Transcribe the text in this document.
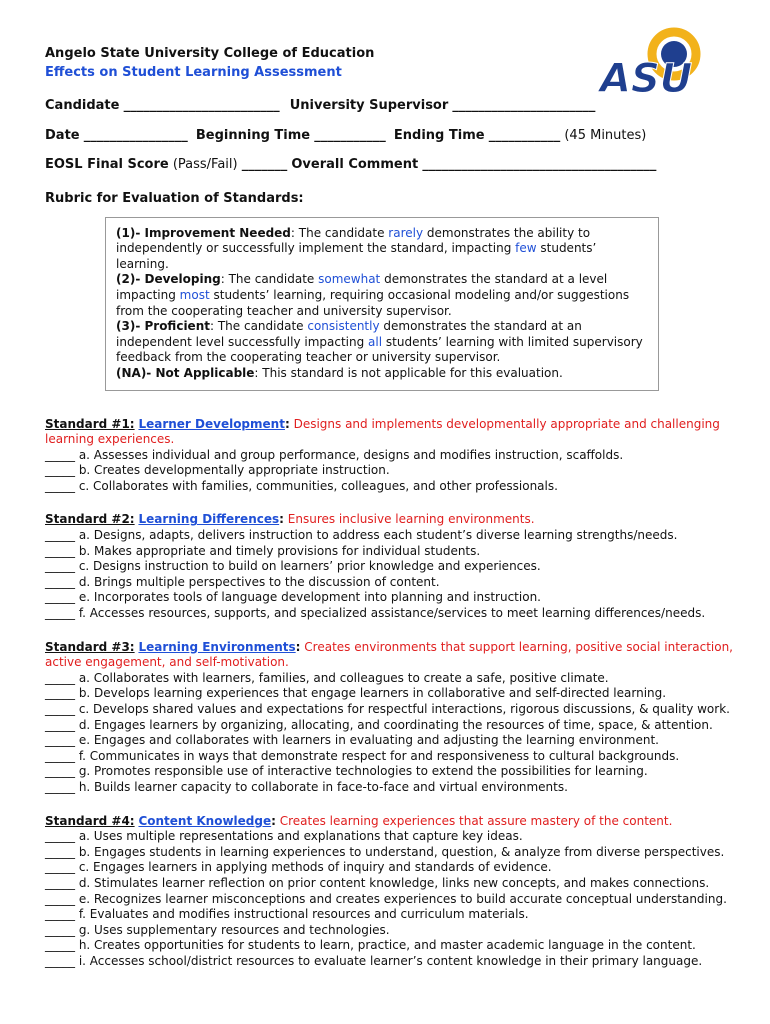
ASU
Angelo State University College of Education
Effects on Student Learning Assessment
Candidate ________________________ University Supervisor ______________________
Date ________________ Beginning Time ___________ Ending Time ___________ (45 Minutes)
EOSL Final Score (Pass/Fail) _______ Overall Comment ____________________________________
Rubric for Evaluation of Standards:
(1)- Improvement Needed: The candidate rarely demonstrates the ability to independently or successfully implement the standard, impacting few students’ learning.
(2)- Developing: The candidate somewhat demonstrates the standard at a level impacting most students’ learning, requiring occasional modeling and/or suggestions from the cooperating teacher and university supervisor.
(3)- Proficient: The candidate consistently demonstrates the standard at an independent level successfully impacting all students’ learning with limited supervisory feedback from the cooperating teacher or university supervisor.
(NA)- Not Applicable: This standard is not applicable for this evaluation.
Standard #1: Learner Development: Designs and implements developmentally appropriate and challenging learning experiences.
_____ a. Assesses individual and group performance, designs and modifies instruction, scaffolds.
_____ b. Creates developmentally appropriate instruction.
_____ c. Collaborates with families, communities, colleagues, and other professionals.
Standard #2: Learning Differences: Ensures inclusive learning environments.
_____ a. Designs, adapts, delivers instruction to address each student’s diverse learning strengths/needs.
_____ b. Makes appropriate and timely provisions for individual students.
_____ c. Designs instruction to build on learners’ prior knowledge and experiences.
_____ d. Brings multiple perspectives to the discussion of content.
_____ e. Incorporates tools of language development into planning and instruction.
_____ f. Accesses resources, supports, and specialized assistance/services to meet learning differences/needs.
Standard #3: Learning Environments: Creates environments that support learning, positive social interaction, active engagement, and self-motivation.
_____ a. Collaborates with learners, families, and colleagues to create a safe, positive climate.
_____ b. Develops learning experiences that engage learners in collaborative and self-directed learning.
_____ c. Develops shared values and expectations for respectful interactions, rigorous discussions, & quality work.
_____ d. Engages learners by organizing, allocating, and coordinating the resources of time, space, & attention.
_____ e. Engages and collaborates with learners in evaluating and adjusting the learning environment.
_____ f. Communicates in ways that demonstrate respect for and responsiveness to cultural backgrounds.
_____ g. Promotes responsible use of interactive technologies to extend the possibilities for learning.
_____ h. Builds learner capacity to collaborate in face-to-face and virtual environments.
Standard #4: Content Knowledge: Creates learning experiences that assure mastery of the content.
_____ a. Uses multiple representations and explanations that capture key ideas.
_____ b. Engages students in learning experiences to understand, question, & analyze from diverse perspectives.
_____ c. Engages learners in applying methods of inquiry and standards of evidence.
_____ d. Stimulates learner reflection on prior content knowledge, links new concepts, and makes connections.
_____ e. Recognizes learner misconceptions and creates experiences to build accurate conceptual understanding.
_____ f. Evaluates and modifies instructional resources and curriculum materials.
_____ g. Uses supplementary resources and technologies.
_____ h. Creates opportunities for students to learn, practice, and master academic language in the content.
_____ i. Accesses school/district resources to evaluate learner’s content knowledge in their primary language.
